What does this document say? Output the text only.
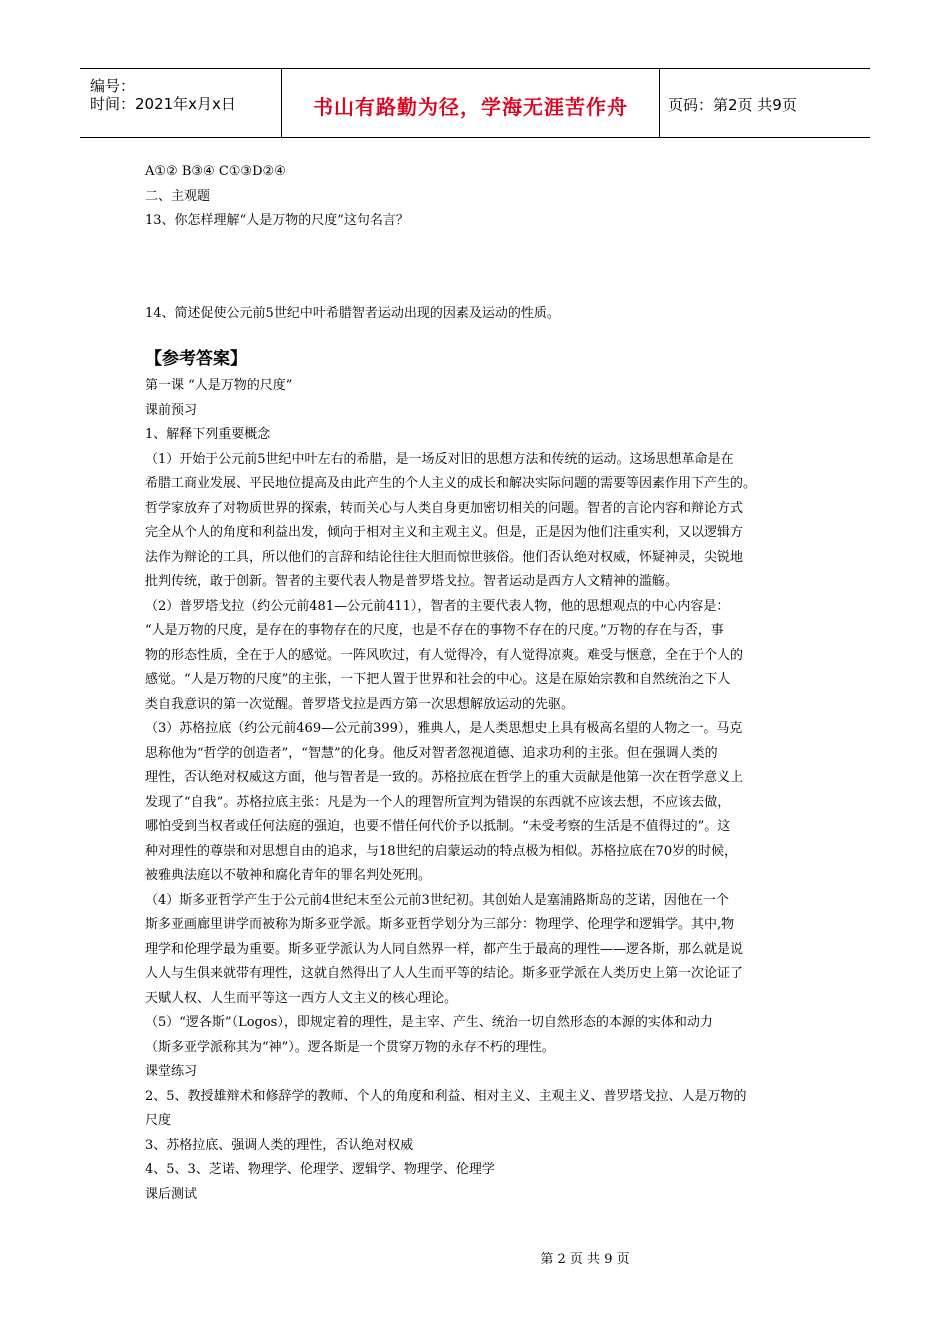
编号：
时间：2021年x月x日	书山有路勤为径，学海无涯苦作舟	页码：第2页 共9页
A①② B③④ C①③D②④
二、主观题
13、你怎样理解“人是万物的尺度”这句名言？
14、简述促使公元前5世纪中叶希腊智者运动出现的因素及运动的性质。
【参考答案】
第一课 “人是万物的尺度”
课前预习
1、解释下列重要概念
（1）开始于公元前5世纪中叶左右的希腊，是一场反对旧的思想方法和传统的运动。这场思想革命是在
希腊工商业发展、平民地位提高及由此产生的个人主义的成长和解决实际问题的需要等因素作用下产生的。
哲学家放弃了对物质世界的探索，转而关心与人类自身更加密切相关的问题。智者的言论内容和辩论方式
完全从个人的角度和利益出发，倾向于相对主义和主观主义。但是，正是因为他们注重实利，又以逻辑方
法作为辩论的工具，所以他们的言辞和结论往往大胆而惊世骇俗。他们否认绝对权威，怀疑神灵，尖锐地
批判传统，敢于创新。智者的主要代表人物是普罗塔戈拉。智者运动是西方人文精神的滥觞。
（2）普罗塔戈拉（约公元前481—公元前411），智者的主要代表人物，他的思想观点的中心内容是：
“人是万物的尺度，是存在的事物存在的尺度，也是不存在的事物不存在的尺度。”万物的存在与否，事
物的形态性质，全在于人的感觉。一阵风吹过，有人觉得冷，有人觉得凉爽。难受与惬意，全在于个人的
感觉。“人是万物的尺度”的主张，一下把人置于世界和社会的中心。这是在原始宗教和自然统治之下人
类自我意识的第一次觉醒。普罗塔戈拉是西方第一次思想解放运动的先驱。
（3）苏格拉底（约公元前469—公元前399），雅典人，是人类思想史上具有极高名望的人物之一。马克
思称他为“哲学的创造者”，“智慧”的化身。他反对智者忽视道德、追求功利的主张。但在强调人类的
理性，否认绝对权威这方面，他与智者是一致的。苏格拉底在哲学上的重大贡献是他第一次在哲学意义上
发现了“自我”。苏格拉底主张：凡是为一个人的理智所宣判为错误的东西就不应该去想，不应该去做，
哪怕受到当权者或任何法庭的强迫，也要不惜任何代价予以抵制。“未受考察的生活是不值得过的”。这
种对理性的尊崇和对思想自由的追求，与18世纪的启蒙运动的特点极为相似。苏格拉底在70岁的时候，
被雅典法庭以不敬神和腐化青年的罪名判处死刑。
（4）斯多亚哲学产生于公元前4世纪末至公元前3世纪初。其创始人是塞浦路斯岛的芝诺，因他在一个
斯多亚画廊里讲学而被称为斯多亚学派。斯多亚哲学划分为三部分：物理学、伦理学和逻辑学。其中,物
理学和伦理学最为重要。斯多亚学派认为人同自然界一样，都产生于最高的理性——逻各斯，那么就是说
人人与生俱来就带有理性，这就自然得出了人人生而平等的结论。斯多亚学派在人类历史上第一次论证了
天赋人权、人生而平等这一西方人文主义的核心理论。
（5）“逻各斯”（Logos），即规定着的理性，是主宰、产生、统治一切自然形态的本源的实体和动力
（斯多亚学派称其为“神”）。逻各斯是一个贯穿万物的永存不朽的理性。
课堂练习
2、5、教授雄辩术和修辞学的教师、个人的角度和利益、相对主义、主观主义、普罗塔戈拉、人是万物的
尺度
3、苏格拉底、强调人类的理性，否认绝对权威
4、5、3、芝诺、物理学、伦理学、逻辑学、物理学、伦理学
课后测试
第 2 页 共 9 页
